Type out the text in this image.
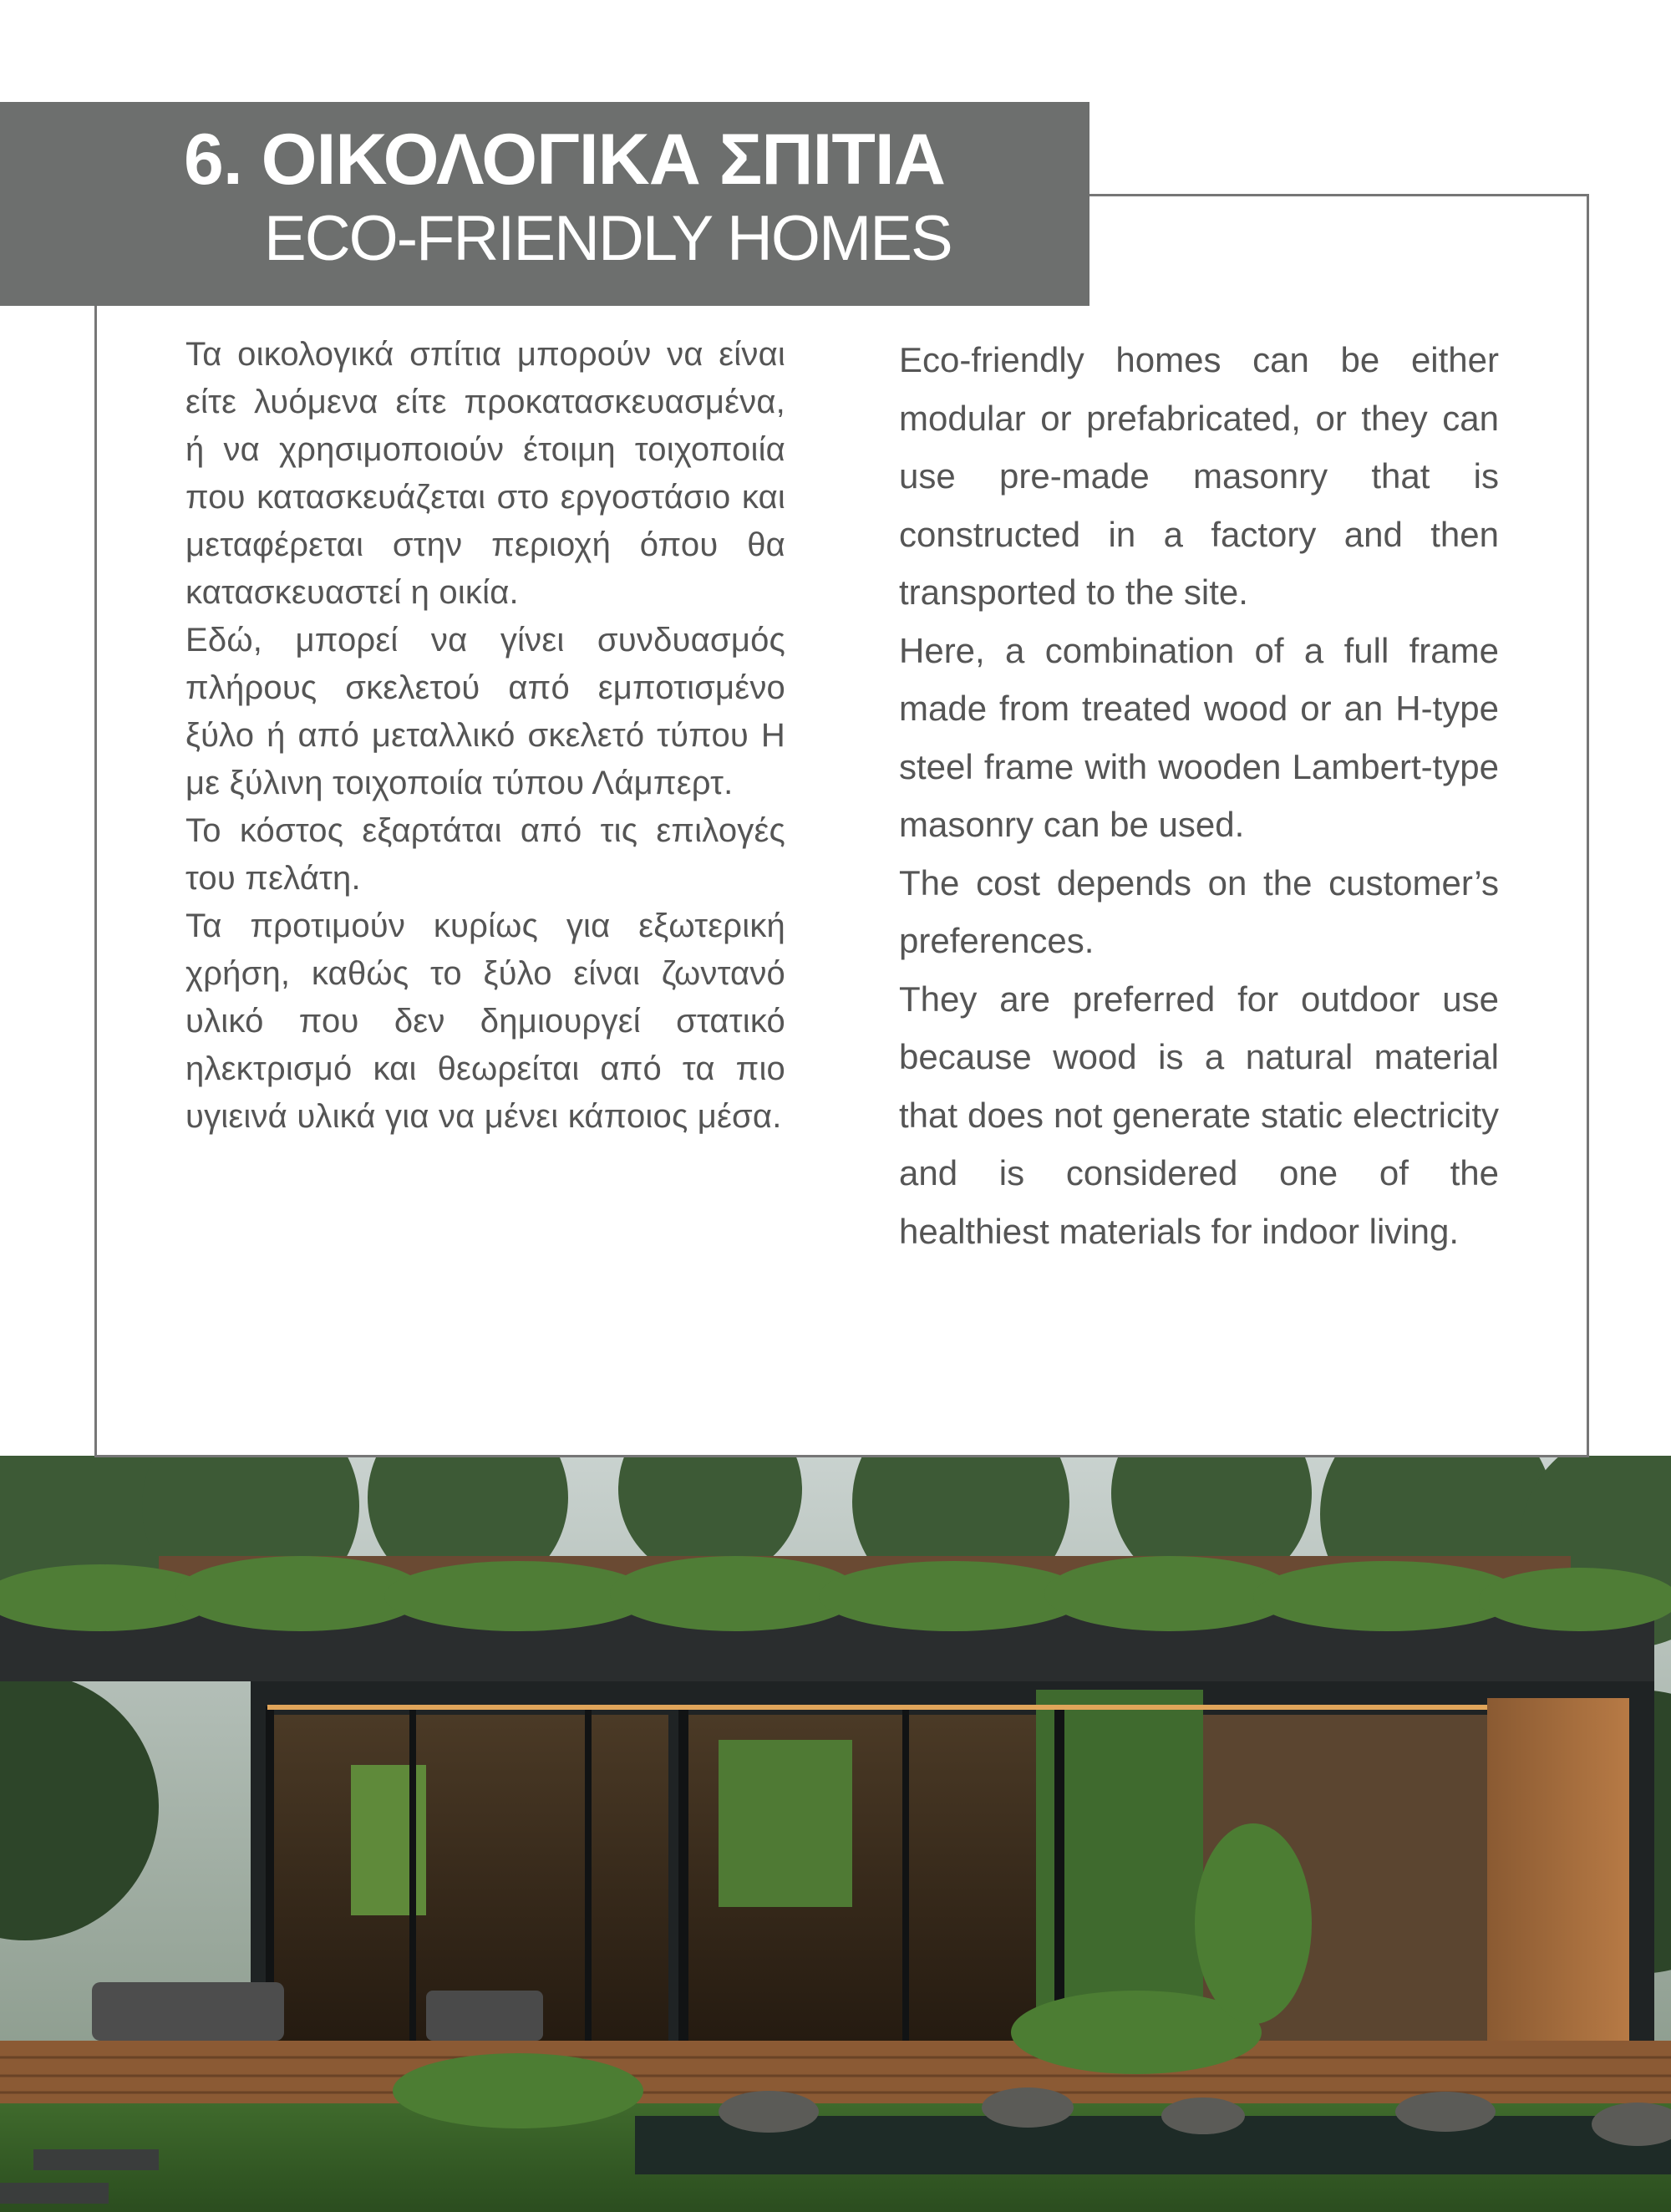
6. ΟΙΚΟΛΟΓΙΚΑ ΣΠΙΤΙΑ
ECO-FRIENDLY HOMES

Τα οικολογικά σπίτια μπορούν να είναι είτε λυόμενα είτε προκατασκευασμένα, ή να χρησιμοποιούν έτοιμη τοιχοποιία που κατασκευάζεται στο εργοστάσιο και μεταφέρεται στην περιοχή όπου θα κατασκευαστεί η οικία.

Εδώ, μπορεί να γίνει συνδυασμός πλήρους σκελετού από εμποτισμένο ξύλο ή από μεταλλικό σκελετό τύπου Η με ξύλινη τοιχοποιία τύπου Λάμπερτ.

Το κόστος εξαρτάται από τις επιλογές του πελάτη.

Τα προτιμούν κυρίως για εξωτερική χρήση, καθώς το ξύλο είναι ζωντανό υλικό που δεν δημιουργεί στατικό ηλεκτρισμό και θεωρείται από τα πιο υγιεινά υλικά για να μένει κάποιος μέσα.

Eco-friendly homes can be either modular or prefabricated, or they can use pre-made masonry that is constructed in a factory and then transported to the site.

Here, a combination of a full frame made from treated wood or an H-type steel frame with wooden Lambert-type masonry can be used.

The cost depends on the customer’s preferences.

They are preferred for outdoor use because wood is a natural material that does not generate static electricity and is considered one of the healthiest materials for indoor living.
